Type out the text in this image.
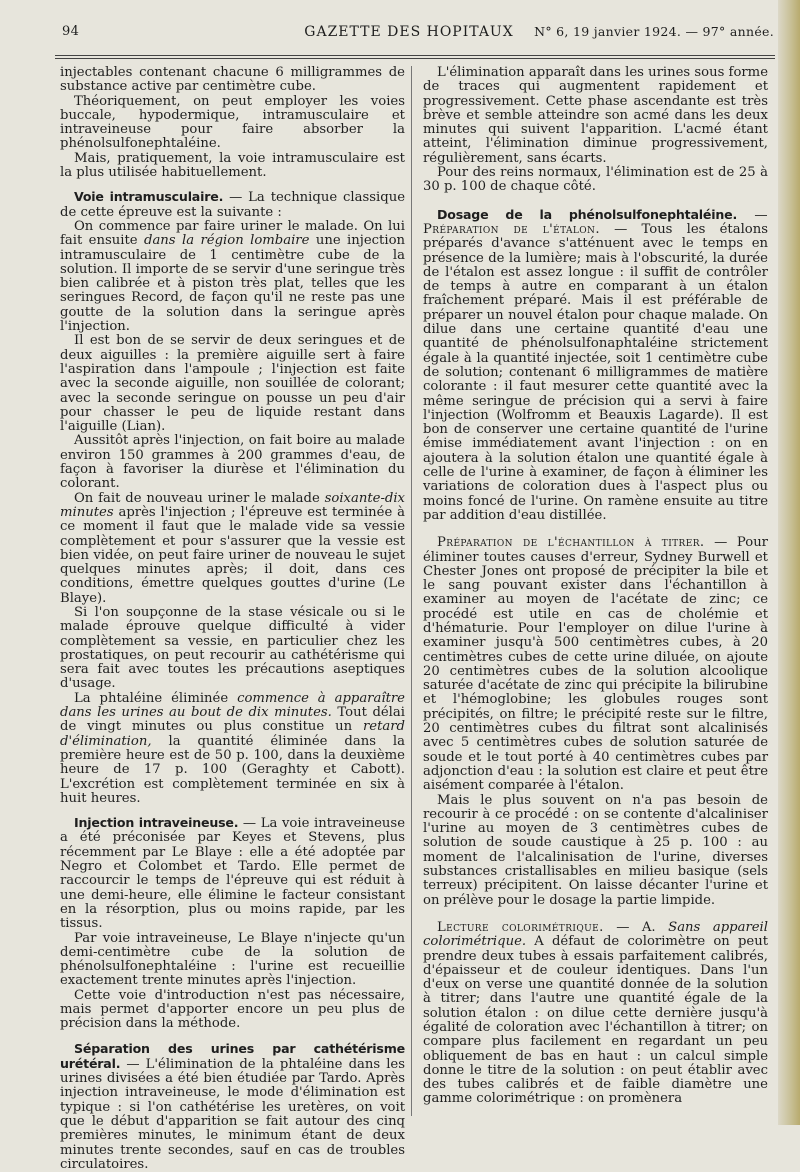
94	GAZETTE DES HOPITAUX	N° 6, 19 janvier 1924. — 97° année.

injectables contenant chacune 6 milligrammes de substance active par centimètre cube.

Théoriquement, on peut employer les voies buccale, hypodermique, intramusculaire et intraveineuse pour faire absorber la phénolsulfonephtaléine.

Mais, pratiquement, la voie intramusculaire est la plus utilisée habituellement.

Voie intramusculaire. — La technique classique de cette épreuve est la suivante :

On commence par faire uriner le malade. On lui fait ensuite dans la région lombaire une injection intramusculaire de 1 centimètre cube de la solution. Il importe de se servir d'une seringue très bien calibrée et à piston très plat, telles que les seringues Record, de façon qu'il ne reste pas une goutte de la solution dans la seringue après l'injection.

Il est bon de se servir de deux seringues et de deux aiguilles : la première aiguille sert à faire l'aspiration dans l'ampoule ; l'injection est faite avec la seconde aiguille, non souillée de colorant; avec la seconde seringue on pousse un peu d'air pour chasser le peu de liquide restant dans l'aiguille (Lian).

Aussitôt après l'injection, on fait boire au malade environ 150 grammes à 200 grammes d'eau, de façon à favoriser la diurèse et l'élimination du colorant.

On fait de nouveau uriner le malade soixante-dix minutes après l'injection ; l'épreuve est terminée à ce moment il faut que le malade vide sa vessie complètement et pour s'assurer que la vessie est bien vidée, on peut faire uriner de nouveau le sujet quelques minutes après; il doit, dans ces conditions, émettre quelques gouttes d'urine (Le Blaye).

Si l'on soupçonne de la stase vésicale ou si le malade éprouve quelque difficulté à vider complètement sa vessie, en particulier chez les prostatiques, on peut recourir au cathétérisme qui sera fait avec toutes les précautions aseptiques d'usage.

La phtaléine éliminée commence à apparaître dans les urines au bout de dix minutes. Tout délai de vingt minutes ou plus constitue un retard d'élimination, la quantité éliminée dans la première heure est de 50 p. 100, dans la deuxième heure de 17 p. 100 (Geraghty et Cabott). L'excrétion est complètement terminée en six à huit heures.

Injection intraveineuse. — La voie intraveineuse a été préconisée par Keyes et Stevens, plus récemment par Le Blaye : elle a été adoptée par Negro et Colombet et Tardo. Elle permet de raccourcir le temps de l'épreuve qui est réduit à une demi-heure, elle élimine le facteur consistant en la résorption, plus ou moins rapide, par les tissus.

Par voie intraveineuse, Le Blaye n'injecte qu'un demi-centimètre cube de la solution de phénolsulfonephtaléine : l'urine est recueillie exactement trente minutes après l'injection.

Cette voie d'introduction n'est pas nécessaire, mais permet d'apporter encore un peu plus de précision dans la méthode.

Séparation des urines par cathétérisme urétéral. — L'élimination de la phtaléine dans les urines divisées a été bien étudiée par Tardo. Après injection intraveineuse, le mode d'élimination est typique : si l'on cathétérise les uretères, on voit que le début d'apparition se fait autour des cinq premières minutes, le minimum étant de deux minutes trente secondes, sauf en cas de troubles circulatoires.

L'élimination apparaît dans les urines sous forme de traces qui augmentent rapidement et progressivement. Cette phase ascendante est très brève et semble atteindre son acmé dans les deux minutes qui suivent l'apparition. L'acmé étant atteint, l'élimination diminue progressivement, régulièrement, sans écarts.

Pour des reins normaux, l'élimination est de 25 à 30 p. 100 de chaque côté.

Dosage de la phénolsulfonephtaléine. — Préparation de l'étalon. — Tous les étalons préparés d'avance s'atténuent avec le temps en présence de la lumière; mais à l'obscurité, la durée de l'étalon est assez longue : il suffit de contrôler de temps à autre en comparant à un étalon fraîchement préparé. Mais il est préférable de préparer un nouvel étalon pour chaque malade. On dilue dans une certaine quantité d'eau une quantité de phénolsulfonaphtaléine strictement égale à la quantité injectée, soit 1 centimètre cube de solution; contenant 6 milligrammes de matière colorante : il faut mesurer cette quantité avec la même seringue de précision qui a servi à faire l'injection (Wolfromm et Beauxis Lagarde). Il est bon de conserver une certaine quantité de l'urine émise immédiatement avant l'injection : on en ajoutera à la solution étalon une quantité égale à celle de l'urine à examiner, de façon à éliminer les variations de coloration dues à l'aspect plus ou moins foncé de l'urine. On ramène ensuite au titre par addition d'eau distillée.

Préparation de l'échantillon à titrer. — Pour éliminer toutes causes d'erreur, Sydney Burwell et Chester Jones ont proposé de précipiter la bile et le sang pouvant exister dans l'échantillon à examiner au moyen de l'acétate de zinc; ce procédé est utile en cas de cholémie et d'hématurie. Pour l'employer on dilue l'urine à examiner jusqu'à 500 centimètres cubes, à 20 centimètres cubes de cette urine diluée, on ajoute 20 centimètres cubes de la solution alcoolique saturée d'acétate de zinc qui précipite la bilirubine et l'hémoglobine; les globules rouges sont précipités, on filtre; le précipité reste sur le filtre, 20 centimètres cubes du filtrat sont alcalinisés avec 5 centimètres cubes de solution saturée de soude et le tout porté à 40 centimètres cubes par adjonction d'eau : la solution est claire et peut être aisément comparée à l'étalon.

Mais le plus souvent on n'a pas besoin de recourir à ce procédé : on se contente d'alcaliniser l'urine au moyen de 3 centimètres cubes de solution de soude caustique à 25 p. 100 : au moment de l'alcalinisation de l'urine, diverses substances cristallisables en milieu basique (sels terreux) précipitent. On laisse décanter l'urine et on prélève pour le dosage la partie limpide.

Lecture colorimétrique. — A. Sans appareil colorimétrique. A défaut de colorimètre on peut prendre deux tubes à essais parfaitement calibrés, d'épaisseur et de couleur identiques. Dans l'un d'eux on verse une quantité donnée de la solution à titrer; dans l'autre une quantité égale de la solution étalon : on dilue cette dernière jusqu'à égalité de coloration avec l'échantillon à titrer; on compare plus facilement en regardant un peu obliquement de bas en haut : un calcul simple donne le titre de la solution : on peut établir avec des tubes calibrés et de faible diamètre une gamme colorimétrique : on promènera
